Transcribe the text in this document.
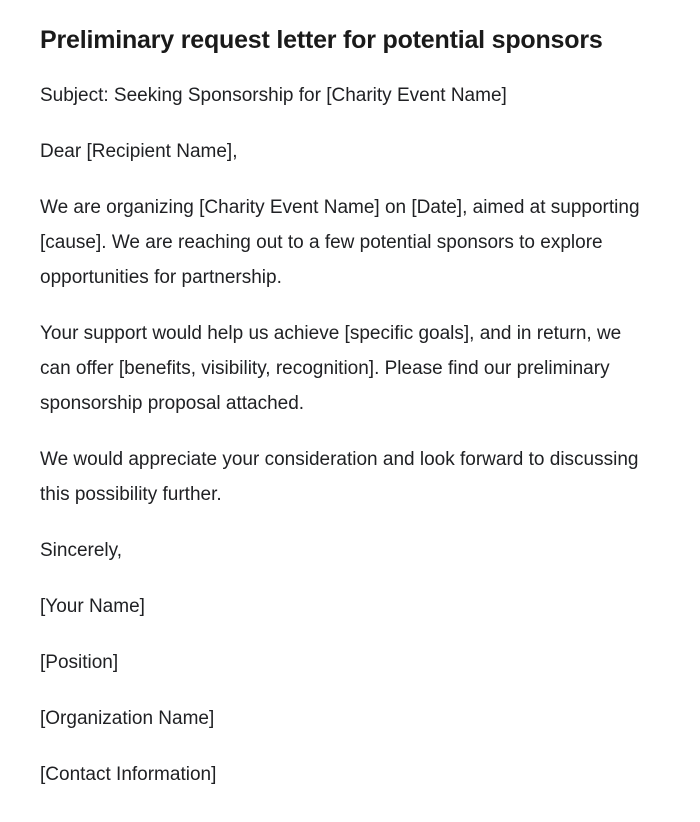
Preliminary request letter for potential sponsors

Subject: Seeking Sponsorship for [Charity Event Name]

Dear [Recipient Name],

We are organizing [Charity Event Name] on [Date], aimed at supporting [cause]. We are reaching out to a few potential sponsors to explore opportunities for partnership.

Your support would help us achieve [specific goals], and in return, we can offer [benefits, visibility, recognition]. Please find our preliminary sponsorship proposal attached.

We would appreciate your consideration and look forward to discussing this possibility further.

Sincerely,

[Your Name]

[Position]

[Organization Name]

[Contact Information]
